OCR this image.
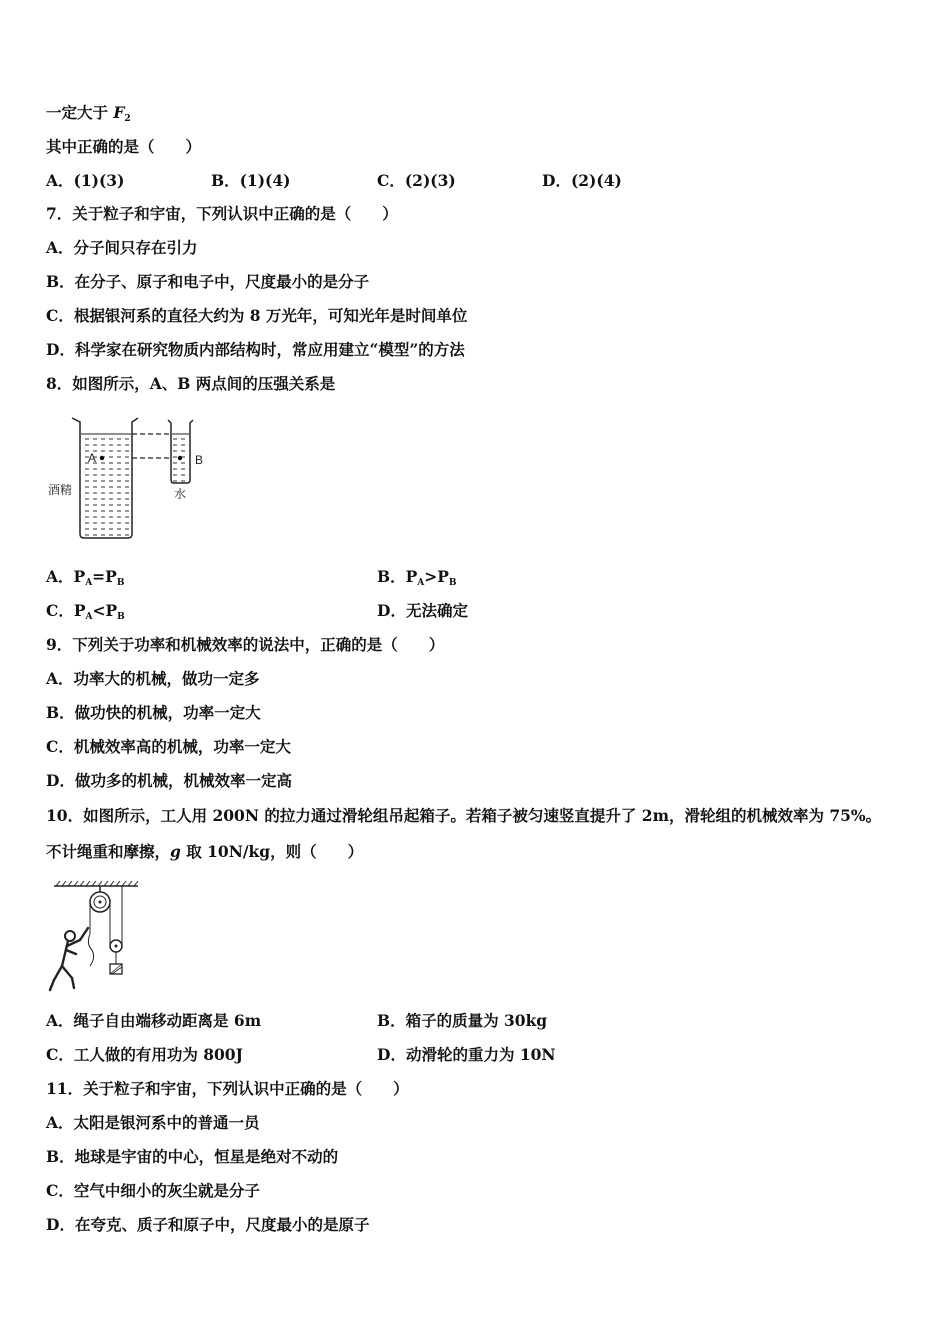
一定大于 $F_2$
其中正确的是（　　）
A．(1)(3)	B．(1)(4)	C．(2)(3)	D．(2)(4)
7．关于粒子和宇宙，下列认识中正确的是（　　）
A．分子间只存在引力
B．在分子、原子和电子中，尺度最小的是分子
C．根据银河系的直径大约为 8 万光年，可知光年是时间单位
D．科学家在研究物质内部结构时，常应用建立“模型”的方法
8．如图所示，A、B 两点间的压强关系是
A	B
酒精	水
A．$P_A=P_B$	B．$P_A>P_B$
C．$P_A<P_B$	D．无法确定
9．下列关于功率和机械效率的说法中，正确的是（　　）
A．功率大的机械，做功一定多
B．做功快的机械，功率一定大
C．机械效率高的机械，功率一定大
D．做功多的机械，机械效率一定高
10．如图所示，工人用 200N 的拉力通过滑轮组吊起箱子。若箱子被匀速竖直提升了 2m，滑轮组的机械效率为 75%。
不计绳重和摩擦，g 取 10N/kg，则（　　）
A．绳子自由端移动距离是 6m	B．箱子的质量为 30kg
C．工人做的有用功为 800J	D．动滑轮的重力为 10N
11．关于粒子和宇宙，下列认识中正确的是（　　）
A．太阳是银河系中的普通一员
B．地球是宇宙的中心，恒星是绝对不动的
C．空气中细小的灰尘就是分子
D．在夸克、质子和原子中，尺度最小的是原子
